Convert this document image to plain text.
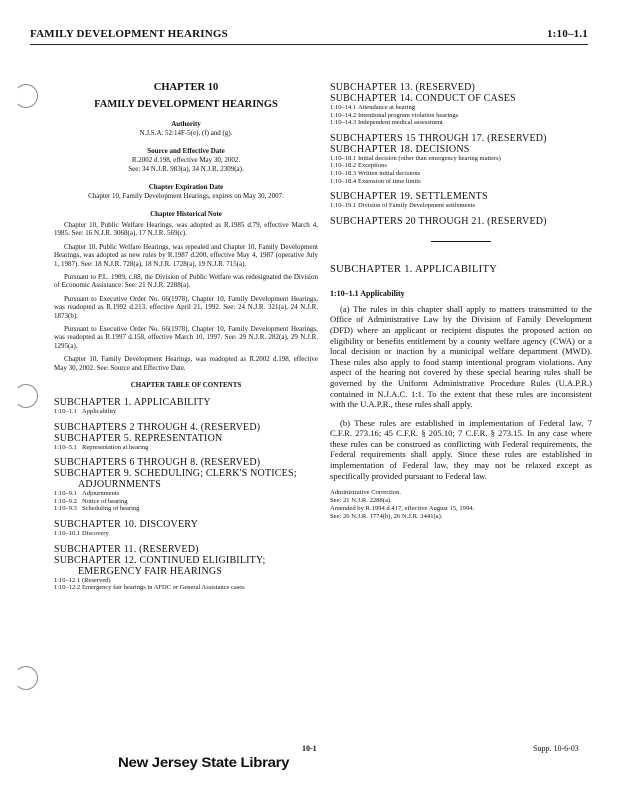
FAMILY DEVELOPMENT HEARINGS	1:10–1.1
CHAPTER 10
FAMILY DEVELOPMENT HEARINGS
Authority
N.J.S.A. 52:14F-5(e), (f) and (g).
Source and Effective Date
R.2002 d.198, effective May 30, 2002.
See: 34 N.J.R. 983(a), 34 N.J.R. 2309(a).
Chapter Expiration Date
Chapter 10, Family Development Hearings, expires on May 30, 2007.
Chapter Historical Note
Chapter 10, Public Welfare Hearings, was adopted as R.1985 d.79, effective March 4, 1985. See: 16 N.J.R. 3068(a), 17 N.J.R. 569(c).
Chapter 10, Public Welfare Hearings, was repealed and Chapter 10, Family Development Hearings, was adopted as new rules by R.1987 d.200, effective May 4, 1987 (operative July 1, 1987). See: 18 N.J.R. 728(a), 18 N.J.R. 1728(a), 19 N.J.R. 715(a).
Pursuant to P.L. 1989, c.88, the Division of Public Welfare was redesignated the Division of Economic Assistance. See: 21 N.J.R. 2288(a).
Pursuant to Executive Order No. 66(1978), Chapter 10, Family Development Hearings, was readopted as R.1992 d.213, effective April 21, 1992. See: 24 N.J.R. 321(a), 24 N.J.R. 1873(b).
Pursuant to Executive Order No. 66(1978), Chapter 10, Family Development Hearings, was readopted as R.1997 d.158, effective March 10, 1997. See: 29 N.J.R. 282(a), 29 N.J.R. 1295(a).
Chapter 10, Family Development Hearings, was readopted as R.2002 d.198, effective May 30, 2002. See: Source and Effective Date.
CHAPTER TABLE OF CONTENTS
SUBCHAPTER 1. APPLICABILITY
1:10–1.1 Applicability
SUBCHAPTERS 2 THROUGH 4. (RESERVED)
SUBCHAPTER 5. REPRESENTATION
1:10–5.1 Representation at hearing
SUBCHAPTERS 6 THROUGH 8. (RESERVED)
SUBCHAPTER 9. SCHEDULING; CLERK'S NOTICES;
ADJOURNMENTS
1:10–9.1 Adjournments
1:10–9.2 Notice of hearing
1:10–9.3 Scheduling of hearing
SUBCHAPTER 10. DISCOVERY
1:10–10.1 Discovery
SUBCHAPTER 11. (RESERVED)
SUBCHAPTER 12. CONTINUED ELIGIBILITY;
EMERGENCY FAIR HEARINGS
1:10–12.1 (Reserved)
1:10–12.2 Emergency fair hearings in AFDC or General Assistance cases
SUBCHAPTER 13. (RESERVED)
SUBCHAPTER 14. CONDUCT OF CASES
1:10–14.1 Attendance at hearing
1:10–14.2 Intentional program violation hearings
1:10–14.3 Independent medical assessment
SUBCHAPTERS 15 THROUGH 17. (RESERVED)
SUBCHAPTER 18. DECISIONS
1:10–18.1 Initial decision (other than emergency hearing matters)
1:10–18.2 Exceptions
1:10–18.3 Written initial decisions
1:10–18.4 Extension of time limits
SUBCHAPTER 19. SETTLEMENTS
1:10–19.1 Division of Family Development settlements
SUBCHAPTERS 20 THROUGH 21. (RESERVED)
SUBCHAPTER 1. APPLICABILITY
1:10–1.1 Applicability
(a) The rules in this chapter shall apply to matters transmitted to the Office of Administrative Law by the Division of Family Development (DFD) where an applicant or recipient disputes the proposed action on eligibility or benefits entitlement by a county welfare agency (CWA) or a local decision or inaction by a municipal welfare department (MWD). These rules also apply to food stamp intentional program violations. Any aspect of the hearing not covered by these special hearing rules shall be governed by the Uniform Administrative Procedure Rules (U.A.P.R.) contained in N.J.A.C. 1:1. To the extent that these rules are inconsistent with the U.A.P.R., these rules shall apply.
(b) These rules are established in implementation of Federal law, 7 C.F.R. 273.16; 45 C.F.R. § 205.10; 7 C.F.R. § 273.15. In any case where these rules can be construed as conflicting with Federal requirements, the Federal requirements shall apply. Since these rules are established in implementation of Federal law, they may not be relaxed except as specifically provided pursuant to Federal law.
Administrative Correction.
See: 21 N.J.R. 2288(a).
Amended by R.1994 d.417, effective August 15, 1994.
See: 26 N.J.R. 1774(b), 26 N.J.R. 3441(a).
10-1	Supp. 10-6-03
New Jersey State Library
